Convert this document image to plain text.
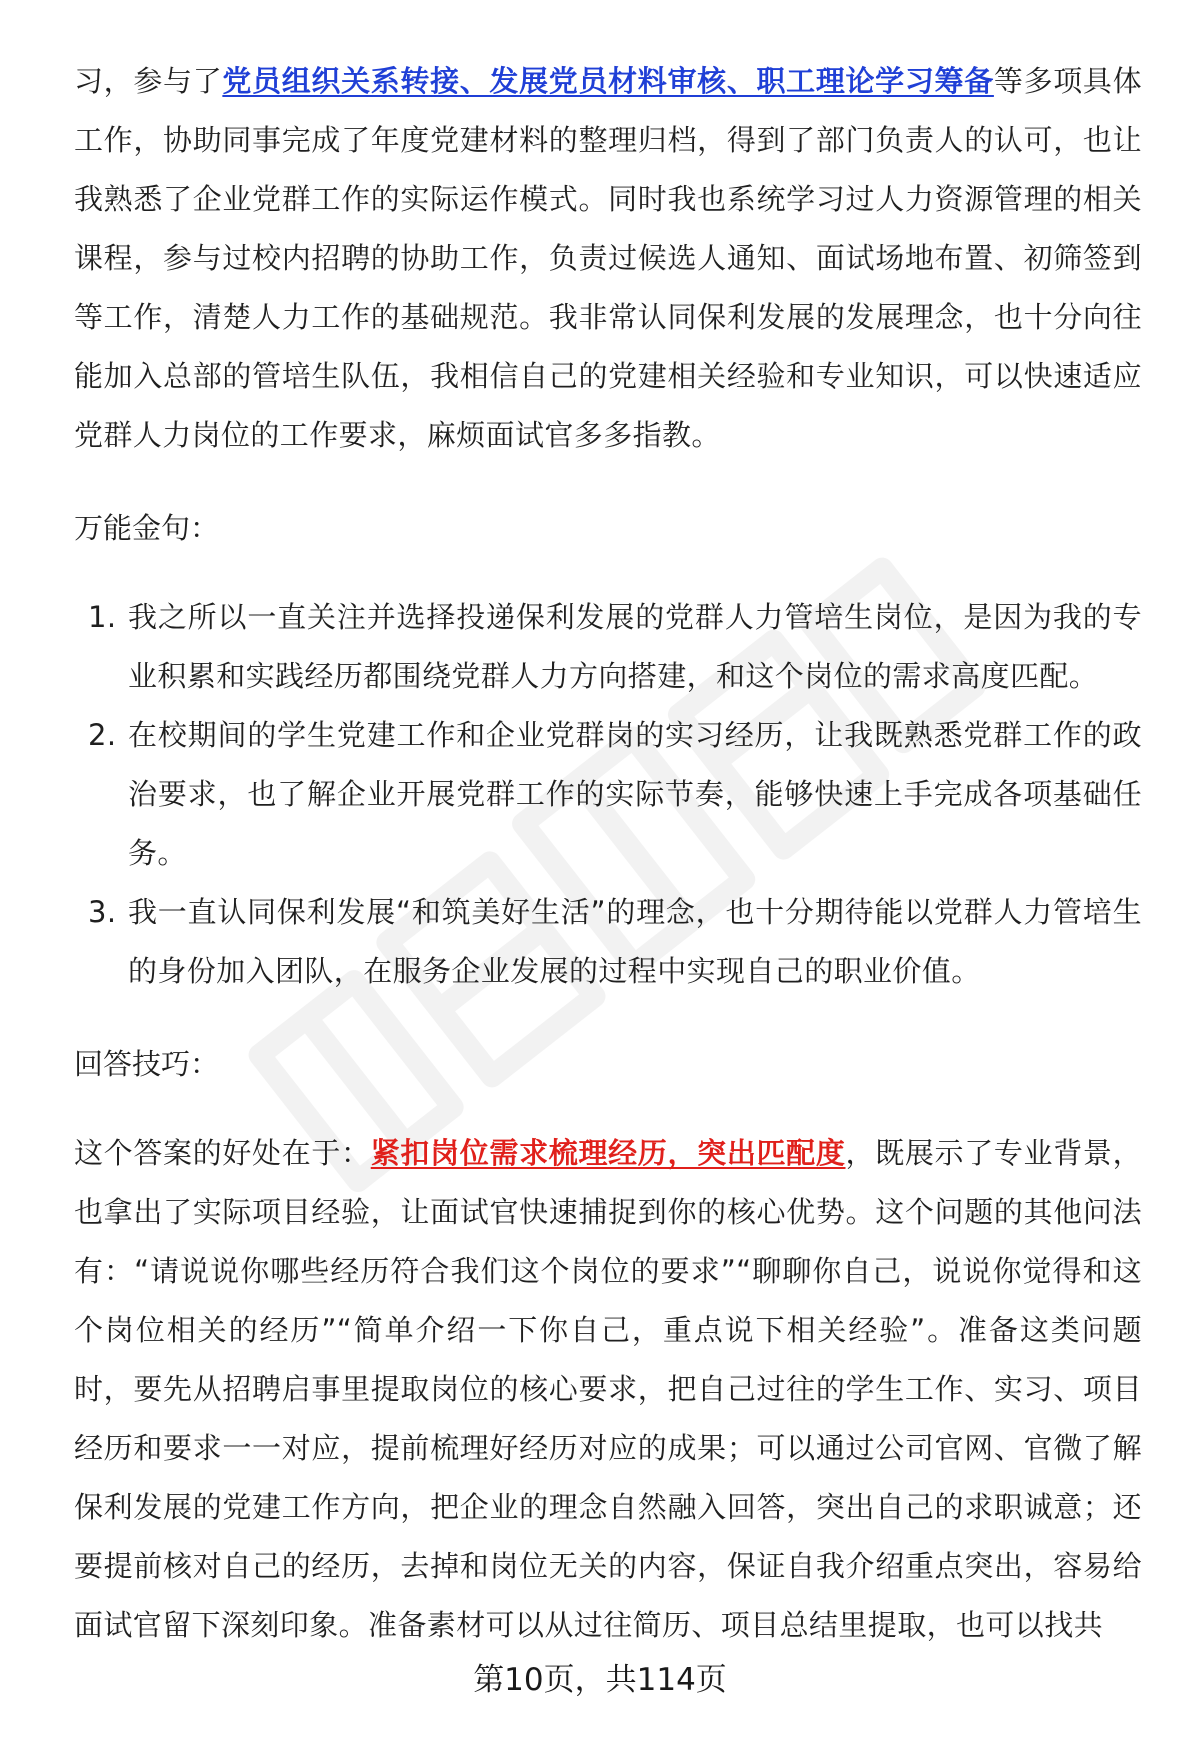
习，参与了党员组织关系转接、发展党员材料审核、职工理论学习筹备等多项具体工作，协助同事完成了年度党建材料的整理归档，得到了部门负责人的认可，也让我熟悉了企业党群工作的实际运作模式。同时我也系统学习过人力资源管理的相关课程，参与过校内招聘的协助工作，负责过候选人通知、面试场地布置、初筛签到等工作，清楚人力工作的基础规范。我非常认同保利发展的发展理念，也十分向往能加入总部的管培生队伍，我相信自己的党建相关经验和专业知识，可以快速适应党群人力岗位的工作要求，麻烦面试官多多指教。

万能金句：

1. 我之所以一直关注并选择投递保利发展的党群人力管培生岗位，是因为我的专业积累和实践经历都围绕党群人力方向搭建，和这个岗位的需求高度匹配。
2. 在校期间的学生党建工作和企业党群岗的实习经历，让我既熟悉党群工作的政治要求，也了解企业开展党群工作的实际节奏，能够快速上手完成各项基础任务。
3. 我一直认同保利发展“和筑美好生活”的理念，也十分期待能以党群人力管培生的身份加入团队，在服务企业发展的过程中实现自己的职业价值。

回答技巧：

这个答案的好处在于：紧扣岗位需求梳理经历，突出匹配度，既展示了专业背景，也拿出了实际项目经验，让面试官快速捕捉到你的核心优势。这个问题的其他问法有：“请说说你哪些经历符合我们这个岗位的要求”“聊聊你自己，说说你觉得和这个岗位相关的经历”“简单介绍一下你自己，重点说下相关经验”。准备这类问题时，要先从招聘启事里提取岗位的核心要求，把自己过往的学生工作、实习、项目经历和要求一一对应，提前梳理好经历对应的成果；可以通过公司官网、官微了解保利发展的党建工作方向，把企业的理念自然融入回答，突出自己的求职诚意；还要提前核对自己的经历，去掉和岗位无关的内容，保证自我介绍重点突出，容易给面试官留下深刻印象。准备素材可以从过往简历、项目总结里提取，也可以找共

第10页，共114页
